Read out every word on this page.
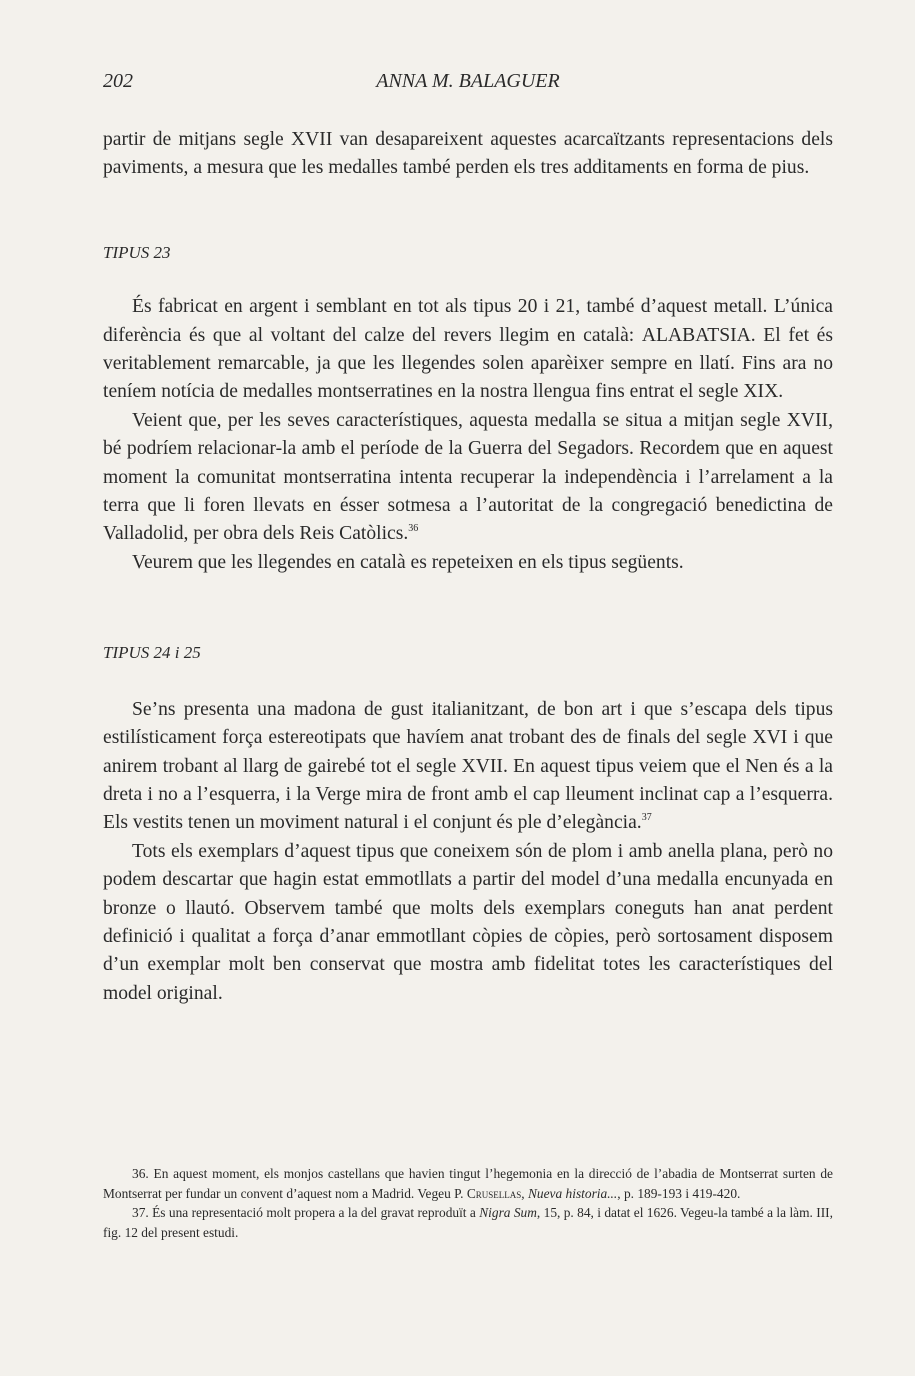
202	ANNA M. BALAGUER

partir de mitjans segle XVII van desapareixent aquestes acarcaïtzants representacions dels paviments, a mesura que les medalles també perden els tres additaments en forma de pius.

TIPUS 23

És fabricat en argent i semblant en tot als tipus 20 i 21, també d’aquest metall. L’única diferència és que al voltant del calze del revers llegim en català: ALABATSIA. El fet és veritablement remarcable, ja que les llegendes solen aparèixer sempre en llatí. Fins ara no teníem notícia de medalles montserratines en la nostra llengua fins entrat el segle XIX.

Veient que, per les seves característiques, aquesta medalla se situa a mitjan segle XVII, bé podríem relacionar-la amb el període de la Guerra del Segadors. Recordem que en aquest moment la comunitat montserratina intenta recuperar la independència i l’arrelament a la terra que li foren llevats en ésser sotmesa a l’autoritat de la congregació benedictina de Valladolid, per obra dels Reis Catòlics.$^{36}$

Veurem que les llegendes en català es repeteixen en els tipus següents.

TIPUS 24 i 25

Se’ns presenta una madona de gust italianitzant, de bon art i que s’escapa dels tipus estilísticament força estereotipats que havíem anat trobant des de finals del segle XVI i que anirem trobant al llarg de gairebé tot el segle XVII. En aquest tipus veiem que el Nen és a la dreta i no a l’esquerra, i la Verge mira de front amb el cap lleument inclinat cap a l’esquerra. Els vestits tenen un moviment natural i el conjunt és ple d’elegància.$^{37}$

Tots els exemplars d’aquest tipus que coneixem són de plom i amb anella plana, però no podem descartar que hagin estat emmotllats a partir del model d’una medalla encunyada en bronze o llautó. Observem també que molts dels exemplars coneguts han anat perdent definició i qualitat a força d’anar emmotllant còpies de còpies, però sortosament disposem d’un exemplar molt ben conservat que mostra amb fidelitat totes les característiques del model original.

36. En aquest moment, els monjos castellans que havien tingut l’hegemonia en la direcció de l’abadia de Montserrat surten de Montserrat per fundar un convent d’aquest nom a Madrid. Vegeu P. Crusellas, Nueva historia..., p. 189-193 i 419-420.

37. És una representació molt propera a la del gravat reproduït a Nigra Sum, 15, p. 84, i datat el 1626. Vegeu-la també a la làm. III, fig. 12 del present estudi.
